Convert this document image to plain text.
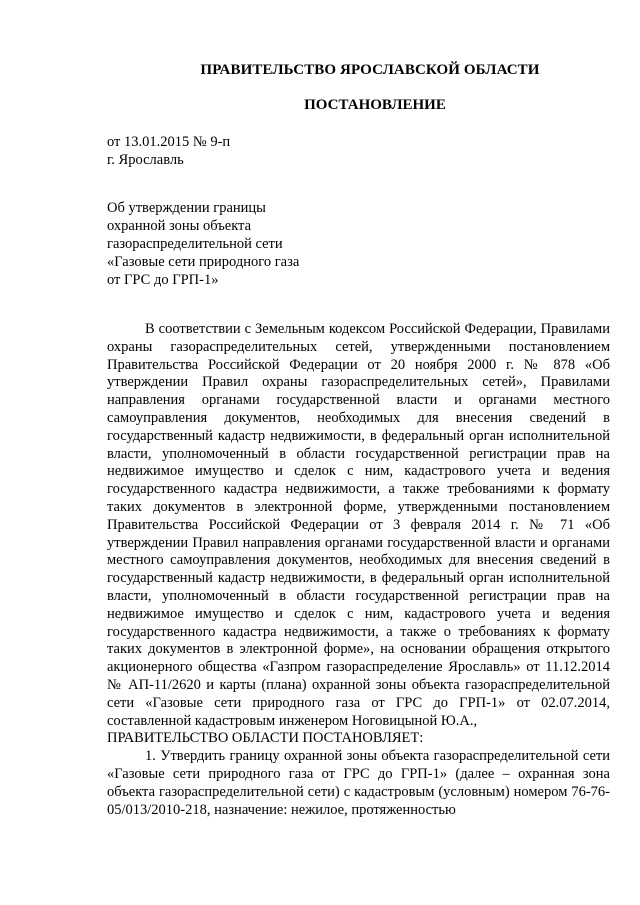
ПРАВИТЕЛЬСТВО ЯРОСЛАВСКОЙ ОБЛАСТИ
ПОСТАНОВЛЕНИЕ
от 13.01.2015 № 9-п
г. Ярославль
Об утверждении границы
охранной зоны объекта
газораспределительной сети
«Газовые сети природного газа
от ГРС до ГРП-1»

В соответствии с Земельным кодексом Российской Федерации, Правилами охраны газораспределительных сетей, утвержденными постановлением Правительства Российской Федерации от 20 ноября 2000 г. № 878 «Об утверждении Правил охраны газораспределительных сетей», Правилами направления органами государственной власти и органами местного самоуправления документов, необходимых для внесения сведений в государственный кадастр недвижимости, в федеральный орган исполнительной власти, уполномоченный в области государственной регистрации прав на недвижимое имущество и сделок с ним, кадастрового учета и ведения государственного кадастра недвижимости, а также требованиями к формату таких документов в электронной форме, утвержденными постановлением Правительства Российской Федерации от 3 февраля 2014 г. № 71 «Об утверждении Правил направления органами государственной власти и органами местного самоуправления документов, необходимых для внесения сведений в государственный кадастр недвижимости, в федеральный орган исполнительной власти, уполномоченный в области государственной регистрации прав на недвижимое имущество и сделок с ним, кадастрового учета и ведения государственного кадастра недвижимости, а также о требованиях к формату таких документов в электронной форме», на основании обращения открытого акционерного общества «Газпром газораспределение Ярославль» от 11.12.2014 № АП-11/2620 и карты (плана) охранной зоны объекта газораспределительной сети «Газовые сети природного газа от ГРС до ГРП-1» от 02.07.2014, составленной кадастровым инженером Ноговицыной Ю.А.,

ПРАВИТЕЛЬСТВО ОБЛАСТИ ПОСТАНОВЛЯЕТ:

1. Утвердить границу охранной зоны объекта газораспределительной сети «Газовые сети природного газа от ГРС до ГРП-1» (далее – охранная зона объекта газораспределительной сети) с кадастровым (условным) номером 76-76-05/013/2010-218, назначение: нежилое, протяженностью
